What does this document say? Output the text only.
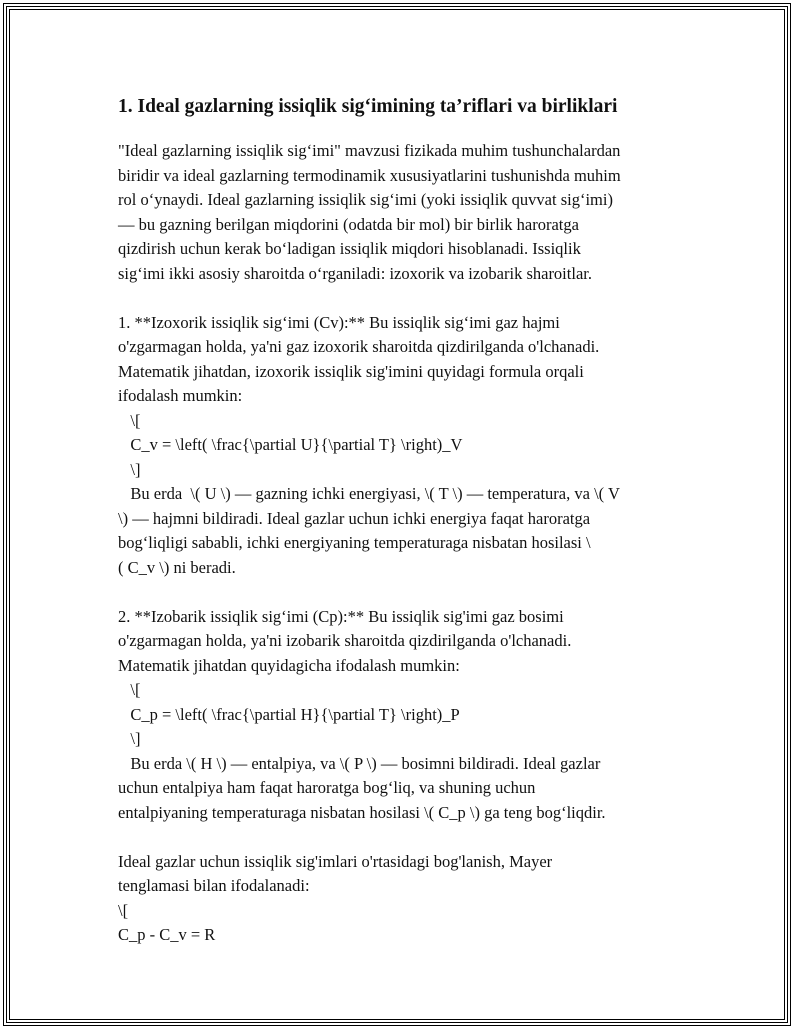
1. Ideal gazlarning issiqlik sig‘imining ta’riflari va birliklari

"Ideal gazlarning issiqlik sig‘imi" mavzusi fizikada muhim tushunchalardan

biridir va ideal gazlarning termodinamik xususiyatlarini tushunishda muhim

rol o‘ynaydi. Ideal gazlarning issiqlik sig‘imi (yoki issiqlik quvvat sig‘imi)

— bu gazning berilgan miqdorini (odatda bir mol) bir birlik haroratga

qizdirish uchun kerak bo‘ladigan issiqlik miqdori hisoblanadi. Issiqlik

sig‘imi ikki asosiy sharoitda o‘rganiladi: izoxorik va izobarik sharoitlar.

1. **Izoxorik issiqlik sig‘imi (Cv):** Bu issiqlik sig‘imi gaz hajmi

o'zgarmagan holda, ya'ni gaz izoxorik sharoitda qizdirilganda o'lchanadi.

Matematik jihatdan, izoxorik issiqlik sig'imini quyidagi formula orqali

ifodalash mumkin:

\[

C_v = \left( \frac{\partial U}{\partial T} \right)_V

\]

Bu erda  \( U \) — gazning ichki energiyasi, \( T \) — temperatura, va \( V

\) — hajmni bildiradi. Ideal gazlar uchun ichki energiya faqat haroratga

bog‘liqligi sababli, ichki energiyaning temperaturaga nisbatan hosilasi \

( C_v \) ni beradi.

2. **Izobarik issiqlik sig‘imi (Cp):** Bu issiqlik sig'imi gaz bosimi

o'zgarmagan holda, ya'ni izobarik sharoitda qizdirilganda o'lchanadi.

Matematik jihatdan quyidagicha ifodalash mumkin:

\[

C_p = \left( \frac{\partial H}{\partial T} \right)_P

\]

Bu erda \( H \) — entalpiya, va \( P \) — bosimni bildiradi. Ideal gazlar

uchun entalpiya ham faqat haroratga bog‘liq, va shuning uchun

entalpiyaning temperaturaga nisbatan hosilasi \( C_p \) ga teng bog‘liqdir.

Ideal gazlar uchun issiqlik sig'imlari o'rtasidagi bog'lanish, Mayer

tenglamasi bilan ifodalanadi:

\[

C_p - C_v = R
